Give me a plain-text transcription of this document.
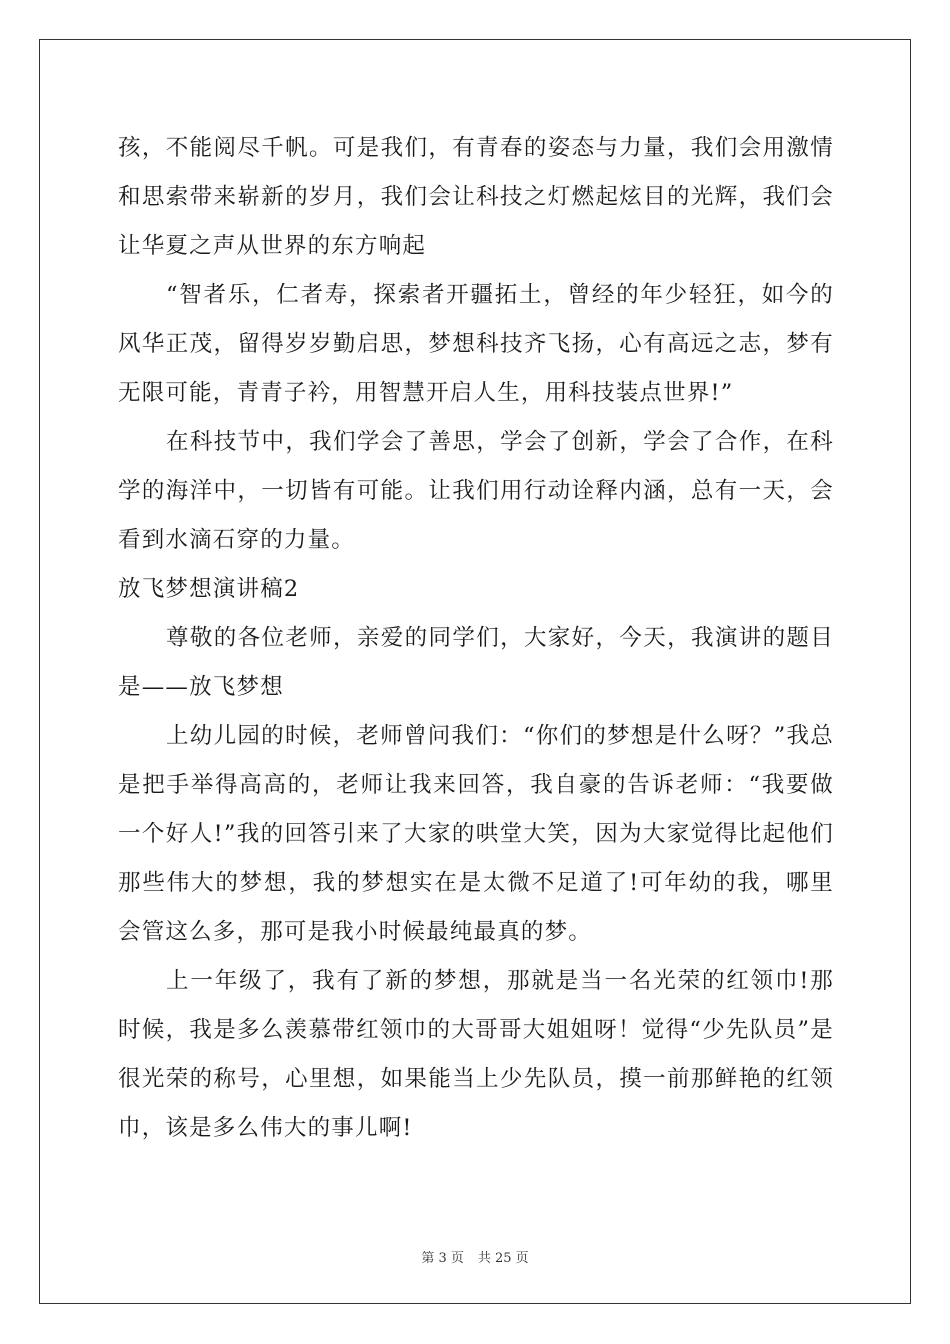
孩，不能阅尽千帆。可是我们，有青春的姿态与力量，我们会用激情和思索带来崭新的岁月，我们会让科技之灯燃起炫目的光辉，我们会让华夏之声从世界的东方响起

“智者乐，仁者寿，探索者开疆拓土，曾经的年少轻狂，如今的风华正茂，留得岁岁勤启思，梦想科技齐飞扬，心有高远之志，梦有无限可能，青青子衿，用智慧开启人生，用科技装点世界!”

在科技节中，我们学会了善思，学会了创新，学会了合作，在科学的海洋中，一切皆有可能。让我们用行动诠释内涵，总有一天，会看到水滴石穿的力量。

放飞梦想演讲稿2

尊敬的各位老师，亲爱的同学们，大家好，今天，我演讲的题目是——放飞梦想

上幼儿园的时候，老师曾问我们：“你们的梦想是什么呀？”我总是把手举得高高的，老师让我来回答，我自豪的告诉老师：“我要做一个好人!”我的回答引来了大家的哄堂大笑，因为大家觉得比起他们那些伟大的梦想，我的梦想实在是太微不足道了!可年幼的我，哪里会管这么多，那可是我小时候最纯最真的梦。

上一年级了，我有了新的梦想，那就是当一名光荣的红领巾!那时候，我是多么羡慕带红领巾的大哥哥大姐姐呀！觉得“少先队员”是很光荣的称号，心里想，如果能当上少先队员，摸一前那鲜艳的红领巾，该是多么伟大的事儿啊!

第 3 页 共 25 页
